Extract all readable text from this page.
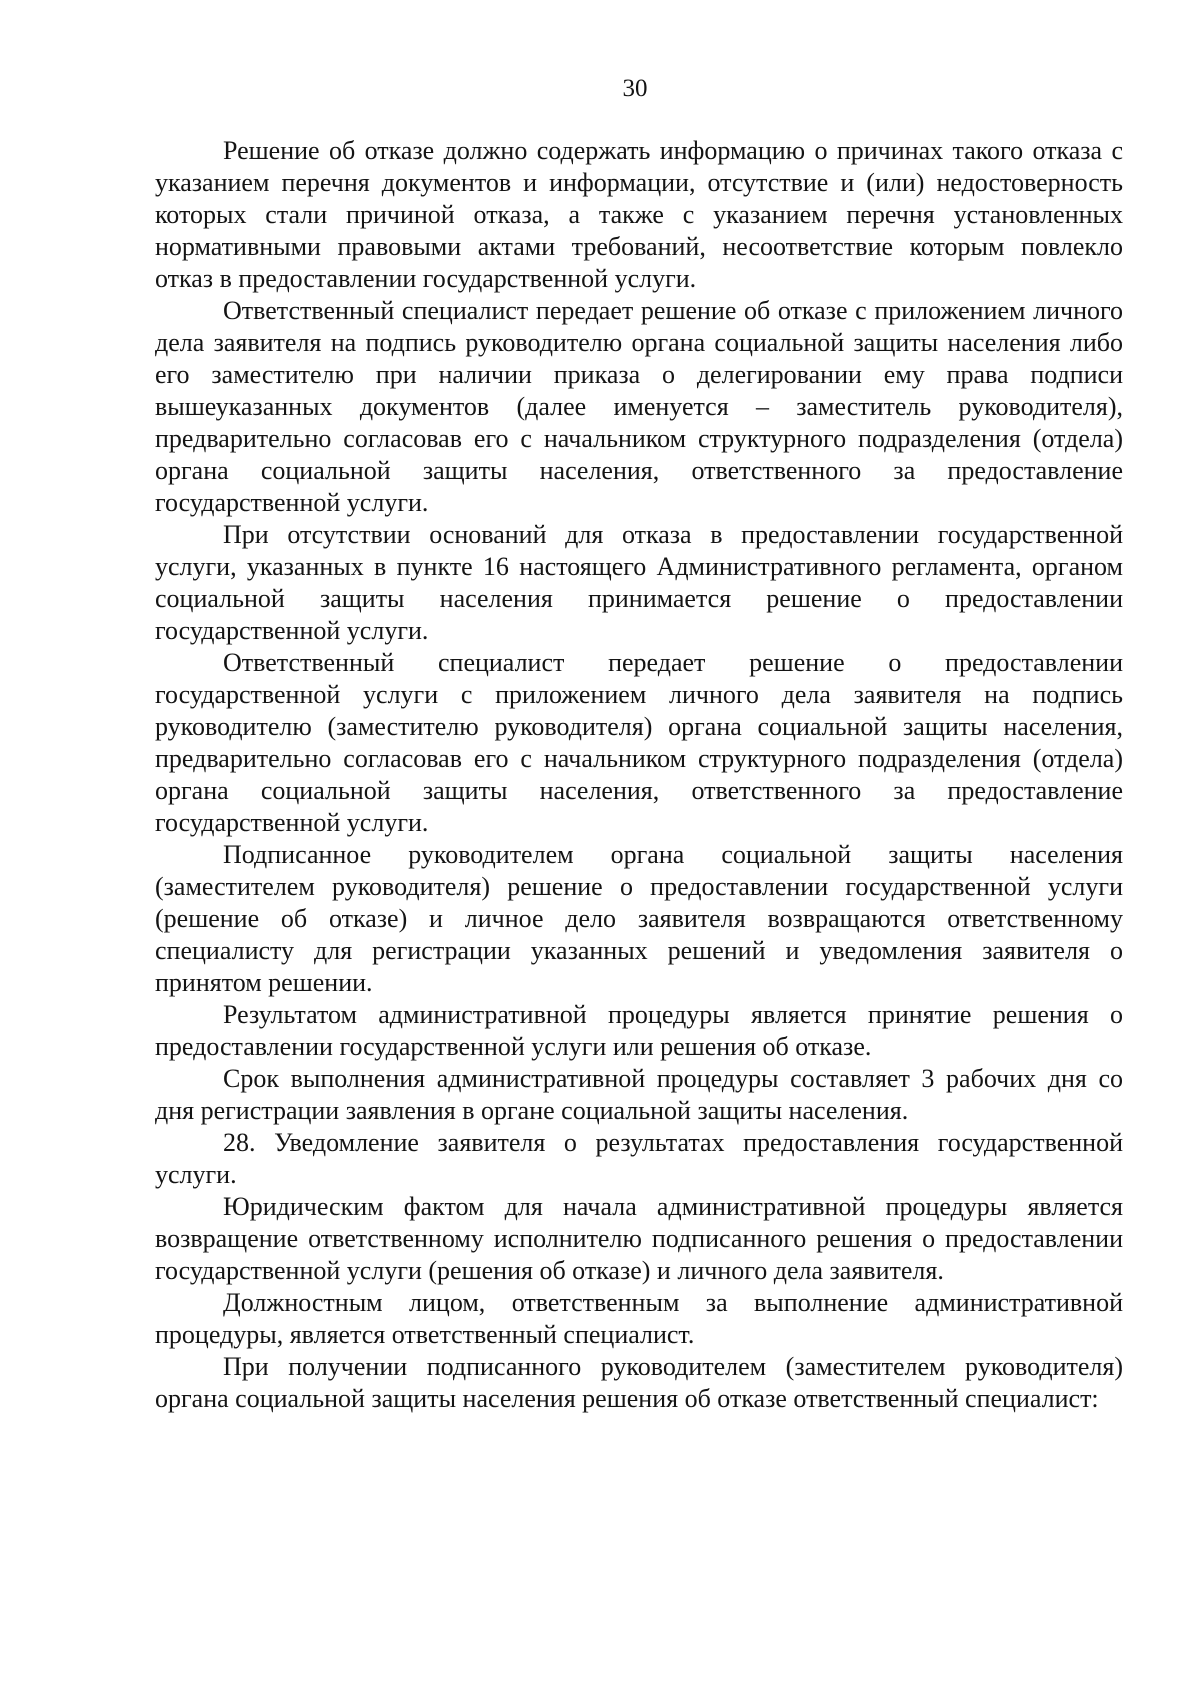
30

Решение об отказе должно содержать информацию о причинах такого отказа с указанием перечня документов и информации, отсутствие и (или) недостоверность которых стали причиной отказа, а также с указанием перечня установленных нормативными правовыми актами требований, несоответствие которым повлекло отказ в предоставлении государственной услуги.

Ответственный специалист передает решение об отказе с приложением личного дела заявителя на подпись руководителю органа социальной защиты населения либо его заместителю при наличии приказа о делегировании ему права подписи вышеуказанных документов (далее именуется – заместитель руководителя), предварительно согласовав его с начальником структурного подразделения (отдела) органа социальной защиты населения, ответственного за предоставление государственной услуги.

При отсутствии оснований для отказа в предоставлении государственной услуги, указанных в пункте 16 настоящего Административного регламента, органом социальной защиты населения принимается решение о предоставлении государственной услуги.

Ответственный специалист передает решение о предоставлении государственной услуги с приложением личного дела заявителя на подпись руководителю (заместителю руководителя) органа социальной защиты населения, предварительно согласовав его с начальником структурного подразделения (отдела) органа социальной защиты населения, ответственного за предоставление государственной услуги.

Подписанное руководителем органа социальной защиты населения (заместителем руководителя) решение о предоставлении государственной услуги (решение об отказе) и личное дело заявителя возвращаются ответственному специалисту для регистрации указанных решений и уведомления заявителя о принятом решении.

Результатом административной процедуры является принятие решения о предоставлении государственной услуги или решения об отказе.

Срок выполнения административной процедуры составляет 3 рабочих дня со дня регистрации заявления в органе социальной защиты населения.

28. Уведомление заявителя о результатах предоставления государственной услуги.

Юридическим фактом для начала административной процедуры является возвращение ответственному исполнителю подписанного решения о предоставлении государственной услуги (решения об отказе) и личного дела заявителя.

Должностным лицом, ответственным за выполнение административной процедуры, является ответственный специалист.

При получении подписанного руководителем (заместителем руководителя) органа социальной защиты населения решения об отказе ответственный специалист:
